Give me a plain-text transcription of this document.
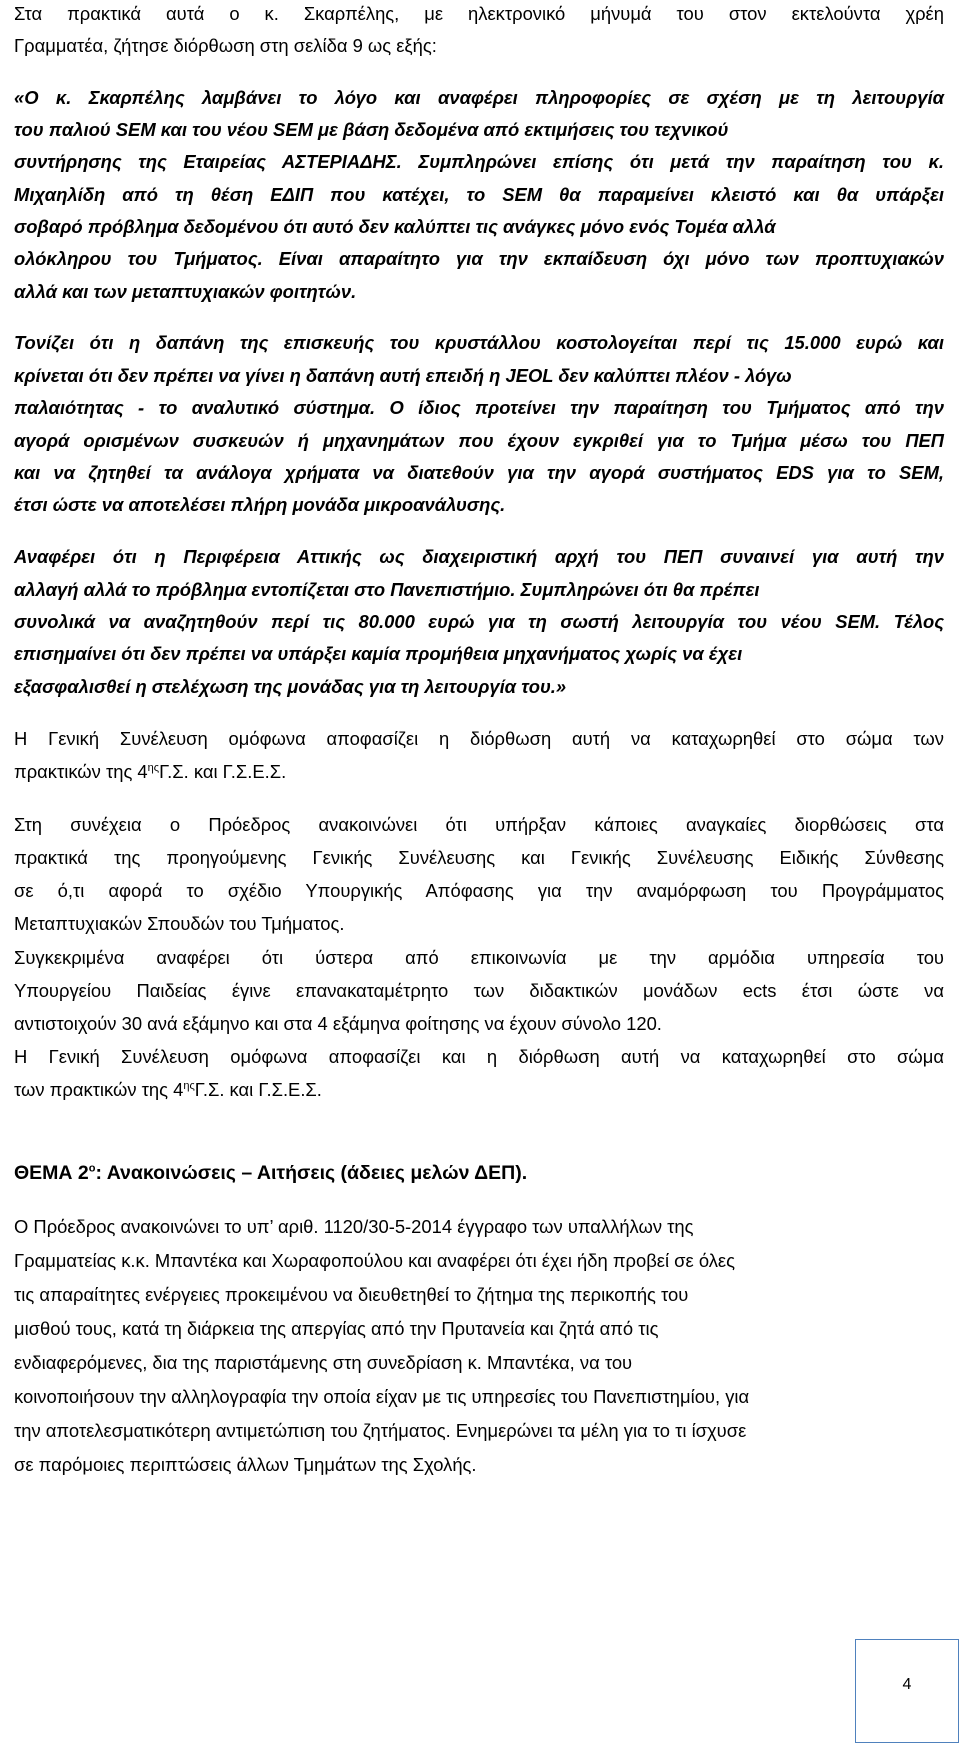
Στα πρακτικά αυτά ο κ. Σκαρπέλης, με ηλεκτρονικό μήνυμά του στον εκτελούντα χρέη
Γραμματέα, ζήτησε διόρθωση στη σελίδα 9 ως εξής:
«Ο κ. Σκαρπέλης λαμβάνει το λόγο και αναφέρει πληροφορίες σε σχέση με τη λειτουργία
του παλιού SEM και του νέου SEM με βάση δεδομένα από εκτιμήσεις του τεχνικού
συντήρησης της Εταιρείας ΑΣΤΕΡΙΑΔΗΣ. Συμπληρώνει επίσης ότι μετά την παραίτηση του κ.
Μιχαηλίδη από τη θέση ΕΔΙΠ που κατέχει, το SEM θα παραμείνει κλειστό και θα υπάρξει
σοβαρό πρόβλημα δεδομένου ότι αυτό δεν καλύπτει τις ανάγκες μόνο ενός Τομέα αλλά
ολόκληρου του Τμήματος. Είναι απαραίτητο για την εκπαίδευση όχι μόνο των προπτυχιακών
αλλά και των μεταπτυχιακών φοιτητών.
Τονίζει ότι η δαπάνη της επισκευής του κρυστάλλου κοστολογείται περί τις 15.000 ευρώ και
κρίνεται ότι δεν πρέπει να γίνει η δαπάνη αυτή επειδή η JEOL δεν καλύπτει πλέον - λόγω
παλαιότητας - το αναλυτικό σύστημα. Ο ίδιος προτείνει την παραίτηση του Τμήματος από την
αγορά ορισμένων συσκευών ή μηχανημάτων που έχουν εγκριθεί για το Τμήμα μέσω του ΠΕΠ
και να ζητηθεί τα ανάλογα χρήματα να διατεθούν για την αγορά συστήματος EDS για το SEM,
έτσι ώστε να αποτελέσει πλήρη μονάδα μικροανάλυσης.
Αναφέρει ότι η Περιφέρεια Αττικής ως διαχειριστική αρχή του ΠΕΠ συναινεί για αυτή την
αλλαγή αλλά το πρόβλημα εντοπίζεται στο Πανεπιστήμιο. Συμπληρώνει ότι θα πρέπει
συνολικά να αναζητηθούν περί τις 80.000 ευρώ για τη σωστή λειτουργία του νέου SEM. Τέλος
επισημαίνει ότι δεν πρέπει να υπάρξει καμία προμήθεια μηχανήματος χωρίς να έχει
εξασφαλισθεί η στελέχωση της μονάδας για τη λειτουργία του.»
Η Γενική Συνέλευση ομόφωνα αποφασίζει η διόρθωση αυτή να καταχωρηθεί στο σώμα των
πρακτικών της $4^{\eta\varsigma}\Gamma.\Sigma$. και Γ.Σ.Ε.Σ.
Στη συνέχεια ο Πρόεδρος ανακοινώνει ότι υπήρξαν κάποιες αναγκαίες διορθώσεις στα
πρακτικά της προηγούμενης Γενικής Συνέλευσης και Γενικής Συνέλευσης Ειδικής Σύνθεσης
σε ό,τι αφορά το σχέδιο Υπουργικής Απόφασης για την αναμόρφωση του Προγράμματος
Μεταπτυχιακών Σπουδών του Τμήματος.
Συγκεκριμένα αναφέρει ότι ύστερα από επικοινωνία με την αρμόδια υπηρεσία του
Υπουργείου Παιδείας έγινε επανακαταμέτρητο των διδακτικών μονάδων ects έτσι ώστε να
αντιστοιχούν 30 ανά εξάμηνο και στα 4 εξάμηνα φοίτησης να έχουν σύνολο 120.
Η Γενική Συνέλευση ομόφωνα αποφασίζει και η διόρθωση αυτή να καταχωρηθεί στο σώμα
των πρακτικών της $4^{\eta\varsigma}\Gamma.\Sigma$. και Γ.Σ.Ε.Σ.
ΘΕΜΑ $2^o$: Ανακοινώσεις – Αιτήσεις (άδειες μελών ΔΕΠ).
Ο Πρόεδρος ανακοινώνει το υπ’ αριθ. 1120/30-5-2014 έγγραφο των υπαλλήλων της
Γραμματείας κ.κ. Μπαντέκα και Χωραφοπούλου και αναφέρει ότι έχει ήδη προβεί σε όλες
τις απαραίτητες ενέργειες προκειμένου να διευθετηθεί το ζήτημα της περικοπής του
μισθού τους, κατά τη διάρκεια της απεργίας από την Πρυτανεία και ζητά από τις
ενδιαφερόμενες, δια της παριστάμενης στη συνεδρίαση κ. Μπαντέκα, να του
κοινοποιήσουν την αλληλογραφία την οποία είχαν με τις υπηρεσίες του Πανεπιστημίου, για
την αποτελεσματικότερη αντιμετώπιση του ζητήματος. Ενημερώνει τα μέλη για το τι ίσχυσε
σε παρόμοιες περιπτώσεις άλλων Τμημάτων της Σχολής.
4
